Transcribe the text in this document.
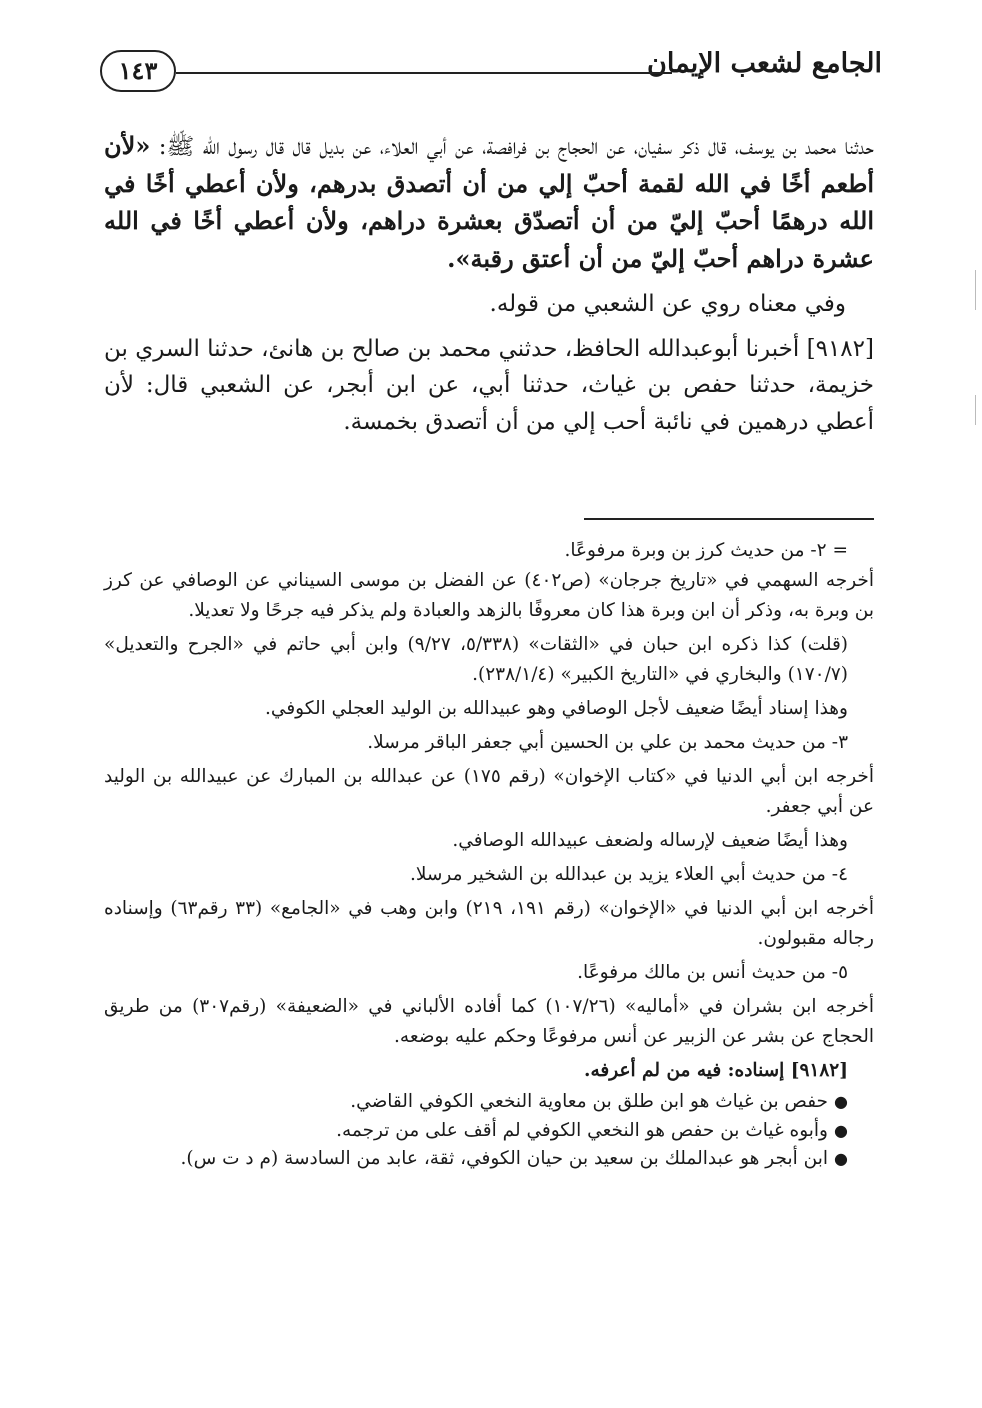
الجامع لشعب الإيمان
١٤٣

حدثنا محمد بن يوسف، قال ذكر سفيان، عن الحجاج بن فرافصة، عن أبي العلاء، عن بديل قال قال رسول الله ﷺ: «لأن أطعم أخًا في الله لقمة أحبّ إلي من أن أتصدق بدرهم، ولأن أعطي أخًا في الله درهمًا أحبّ إليّ من أن أتصدّق بعشرة دراهم، ولأن أعطي أخًا في الله عشرة دراهم أحبّ إليّ من أن أعتق رقبة».

وفي معناه روي عن الشعبي من قوله.

[٩١٨٢] أخبرنا أبوعبدالله الحافظ، حدثني محمد بن صالح بن هانئ، حدثنا السري بن خزيمة، حدثنا حفص بن غياث، حدثنا أبي، عن ابن أبجر، عن الشعبي قال: لأن أعطي درهمين في نائبة أحب إلي من أن أتصدق بخمسة.

= ٢- من حديث كرز بن وبرة مرفوعًا.

أخرجه السهمي في «تاريخ جرجان» (ص٤٠٢) عن الفضل بن موسى السيناني عن الوصافي عن كرز بن وبرة به، وذكر أن ابن وبرة هذا كان معروفًا بالزهد والعبادة ولم يذكر فيه جرحًا ولا تعديلا.

(قلت) كذا ذكره ابن حبان في «الثقات» (٥/٣٣٨، ٩/٢٧) وابن أبي حاتم في «الجرح والتعديل» (١٧٠/٧) والبخاري في «التاريخ الكبير» (٢٣٨/١/٤).

وهذا إسناد أيضًا ضعيف لأجل الوصافي وهو عبيدالله بن الوليد العجلي الكوفي.

٣- من حديث محمد بن علي بن الحسين أبي جعفر الباقر مرسلا.

أخرجه ابن أبي الدنيا في «كتاب الإخوان» (رقم ١٧٥) عن عبدالله بن المبارك عن عبيدالله بن الوليد عن أبي جعفر.

وهذا أيضًا ضعيف لإرساله ولضعف عبيدالله الوصافي.

٤- من حديث أبي العلاء يزيد بن عبدالله بن الشخير مرسلا.

أخرجه ابن أبي الدنيا في «الإخوان» (رقم ١٩١، ٢١٩) وابن وهب في «الجامع» (٣٣ رقم٦٣) وإسناده رجاله مقبولون.

٥- من حديث أنس بن مالك مرفوعًا.

أخرجه ابن بشران في «أماليه» (١٠٧/٢٦) كما أفاده الألباني في «الضعيفة» (رقم٣٠٧) من طريق الحجاج عن بشر عن الزبير عن أنس مرفوعًا وحكم عليه بوضعه.

[٩١٨٢] إسناده: فيه من لم أعرفه.

●
حفص بن غياث هو ابن طلق بن معاوية النخعي الكوفي القاضي.
●
وأبوه غياث بن حفص هو النخعي الكوفي لم أقف على من ترجمه.
●
ابن أبجر هو عبدالملك بن سعيد بن حيان الكوفي، ثقة، عابد من السادسة (م د ت س).
